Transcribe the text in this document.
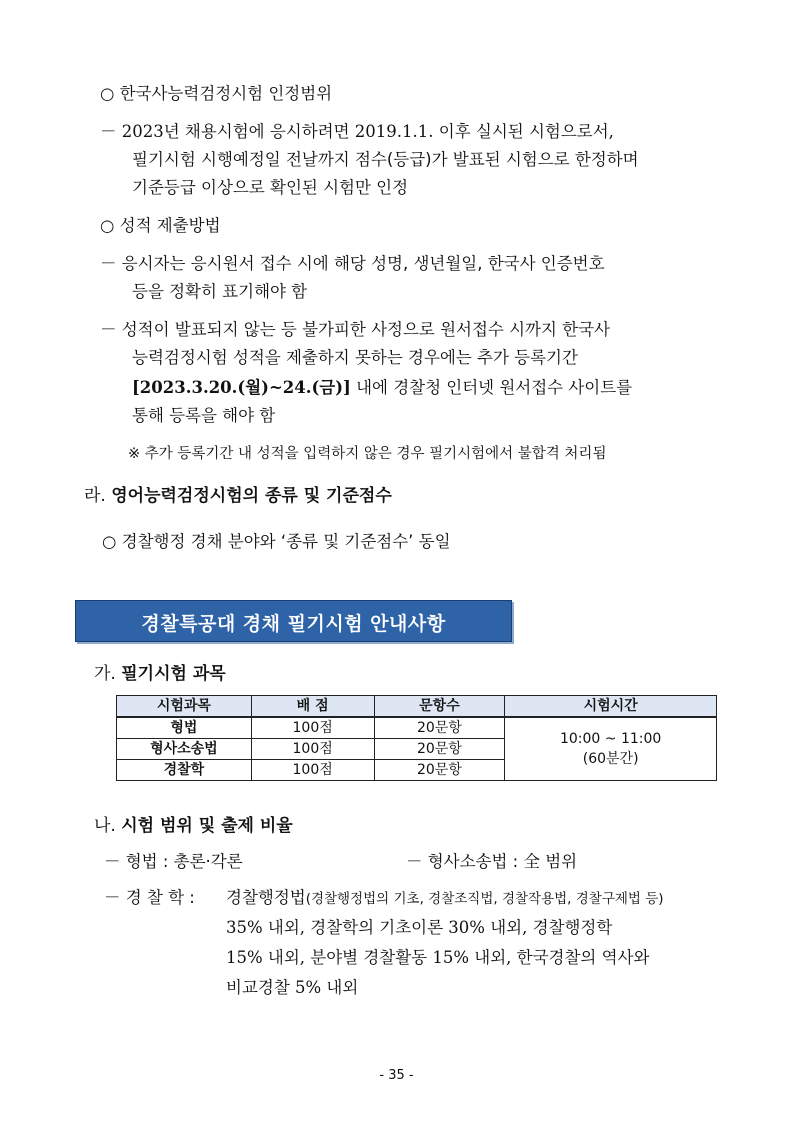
○ 한국사능력검정시험 인정범위
－ 2023년 채용시험에 응시하려면 2019.1.1. 이후 실시된 시험으로서,
필기시험 시행예정일 전날까지 점수(등급)가 발표된 시험으로 한정하며
기준등급 이상으로 확인된 시험만 인정
○ 성적 제출방법
－ 응시자는 응시원서 접수 시에 해당 성명, 생년월일, 한국사 인증번호
등을 정확히 표기해야 함
－ 성적이 발표되지 않는 등 불가피한 사정으로 원서접수 시까지 한국사
능력검정시험 성적을 제출하지 못하는 경우에는 추가 등록기간
[2023.3.20.(월)~24.(금)] 내에 경찰청 인터넷 원서접수 사이트를
통해 등록을 해야 함
※ 추가 등록기간 내 성적을 입력하지 않은 경우 필기시험에서 불합격 처리됨
라. 영어능력검정시험의 종류 및 기준점수
○ 경찰행정 경채 분야와 ‘종류 및 기준점수’ 동일
경찰특공대 경채 필기시험 안내사항
가. 필기시험 과목
시험과목	배 점	문항수	시험시간
형법	100점	20문항	10:00 ~ 11:00
(60분간)

형사소송법	100점	20문항	
경찰학	100점	20문항	
나. 시험 범위 및 출제 비율
－ 형법 : 총론·각론	－ 형사소송법 : 全 범위
－ 경 찰 학 : 경찰행정법(경찰행정법의 기초, 경찰조직법, 경찰작용법, 경찰구제법 등)
35% 내외, 경찰학의 기초이론 30% 내외, 경찰행정학
15% 내외, 분야별 경찰활동 15% 내외, 한국경찰의 역사와
비교경찰 5% 내외
- 35 -
